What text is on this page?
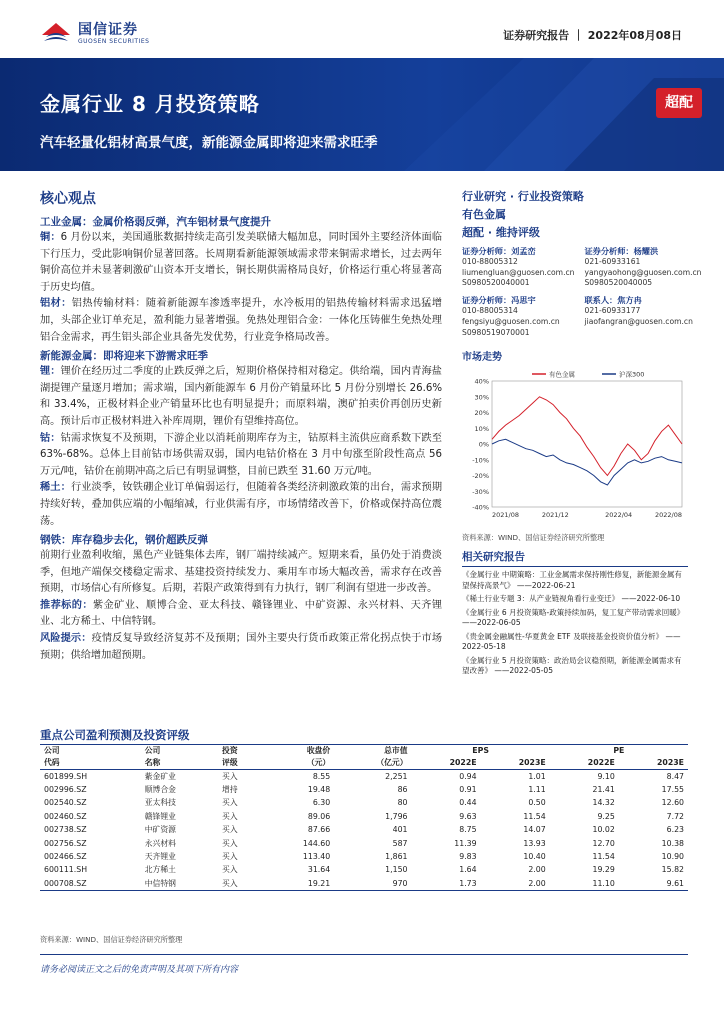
国信证券
GUOSEN SECURITIES	证券研究报告 ｜ 2022年08月08日
金属行业 8 月投资策略
汽车轻量化铝材高景气度，新能源金属即将迎来需求旺季
超配
核心观点
工业金属：金属价格弱反弹，汽车铝材景气度提升
铜：6 月份以来，美国通胀数据持续走高引发美联储大幅加息，同时国外主要经济体面临下行压力，受此影响铜价显著回落。长周期看新能源领域需求带来铜需求增长，过去两年铜价高位并未显著刺激矿山资本开支增长，铜长期供需格局良好，价格运行重心将显著高于历史均值。
铝材：铝热传输材料：随着新能源车渗透率提升，水冷板用的铝热传输材料需求迅猛增加，头部企业订单充足，盈利能力显著增强。免热处理铝合金：一体化压铸催生免热处理铝合金需求，再生铝头部企业具备先发优势，行业竞争格局改善。
新能源金属：即将迎来下游需求旺季
锂：锂价在经历过二季度的止跌反弹之后，短期价格保持相对稳定。供给端，国内青海盐湖提锂产量逐月增加；需求端，国内新能源车 6 月份产销量环比 5 月份分别增长 26.6%和 33.4%，正极材料企业产销量环比也有明显提升；而原料端，澳矿拍卖价再创历史新高。预计后市正极材料进入补库周期，锂价有望维持高位。
钴：钴需求恢复不及预期，下游企业以消耗前期库存为主，钴原料主流供应商系数下跌至 63%-68%。总体上目前钴市场供需双弱，国内电钴价格在 3 月中旬涨至阶段性高点 56 万元/吨，钴价在前期冲高之后已有明显调整，目前已跌至 31.60 万元/吨。
稀土：行业淡季，钕铁硼企业订单偏弱运行，但随着各类经济刺激政策的出台，需求预期持续好转，叠加供应端的小幅缩减，行业供需有序，市场情绪改善下，价格或保持高位震荡。
钢铁：库存稳步去化，钢价超跌反弹
前期行业盈利收缩，黑色产业链集体去库，钢厂端持续减产。短期来看，虽仍处于消费淡季，但地产端保交楼稳定需求、基建投资持续发力、乘用车市场大幅改善，需求存在改善预期，市场信心有所修复。后期，若限产政策得到有力执行，钢厂利润有望进一步改善。
推荐标的：紫金矿业、顺博合金、亚太科技、赣锋锂业、中矿资源、永兴材料、天齐锂业、北方稀土、中信特钢。
风险提示：疫情反复导致经济复苏不及预期；国外主要央行货币政策正常化拐点快于市场预期；供给增加超预期。
行业研究 · 行业投资策略
有色金属
超配 · 维持评级
证券分析师：刘孟峦
010-88005312
liumengluan@guosen.com.cn
S0980520040001
证券分析师：杨耀洪
021-60933161
yangyaohong@guosen.com.cn
S0980520040005
证券分析师：冯思宇
010-88005314
fengsiyu@guosen.com.cn
S0980519070001
联系人：焦方冉
021-60933177
jiaofangran@guosen.com.cn
市场走势
40%
30%
20%
10%
0%
-10%
-20%
-30%
-40%
2021/08	2021/12	2022/04	2022/08
有色金属	沪深300
资料来源：WIND、国信证券经济研究所整理
相关研究报告
《金属行业 中期策略：工业金属需求保持刚性修复，新能源金属有望保持高景气》 ——2022-06-21
《稀土行业专题 3：从产业链视角看行业变迁》 ——2022-06-10
《金属行业 6 月投资策略-政策持续加码，复工复产带动需求回暖》 ——2022-06-05
《贵金属金融属性-华夏黄金 ETF 及联接基金投资价值分析》 ——2022-05-18
《金属行业 5 月投资策略：政治局会议稳预期，新能源金属需求有望改善》 ——2022-05-05
重点公司盈利预测及投资评级
公司	公司	投资	收盘价	总市值	EPS		PE	
代码	名称	评级	（元）	（亿元）	2022E	2023E	2022E	2023E
601899.SH	紫金矿业	买入	8.55	2,251	0.94	1.01	9.10	8.47
002996.SZ	顺博合金	增持	19.48	86	0.91	1.11	21.41	17.55
002540.SZ	亚太科技	买入	6.30	80	0.44	0.50	14.32	12.60
002460.SZ	赣锋锂业	买入	89.06	1,796	9.63	11.54	9.25	7.72
002738.SZ	中矿资源	买入	87.66	401	8.75	14.07	10.02	6.23
002756.SZ	永兴材料	买入	144.60	587	11.39	13.93	12.70	10.38
002466.SZ	天齐锂业	买入	113.40	1,861	9.83	10.40	11.54	10.90
600111.SH	北方稀土	买入	31.64	1,150	1.64	2.00	19.29	15.82
000708.SZ	中信特钢	买入	19.21	970	1.73	2.00	11.10	9.61
资料来源：WIND、国信证券经济研究所整理
请务必阅读正文之后的免责声明及其项下所有内容
